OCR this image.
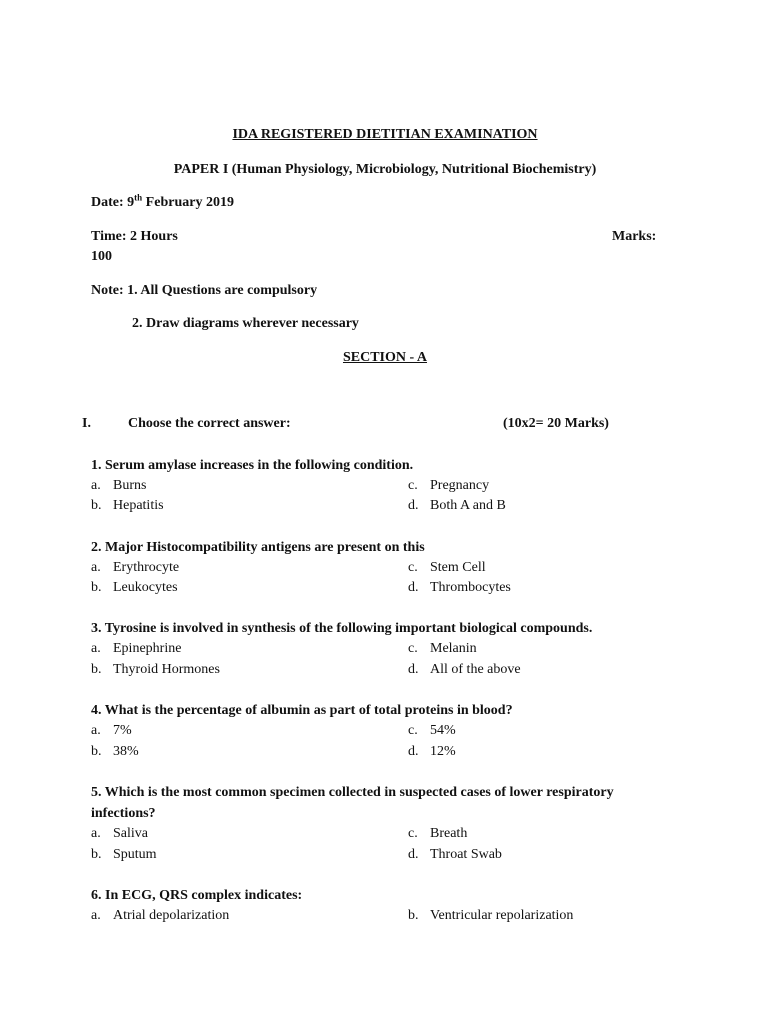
IDA REGISTERED DIETITIAN EXAMINATION
PAPER I (Human Physiology, Microbiology, Nutritional Biochemistry)
Date: 9th February 2019
Time: 2 Hours	Marks:
100
Note: 1. All Questions are compulsory
2. Draw diagrams wherever necessary
SECTION - A
I.	Choose the correct answer:	(10x2= 20 Marks)
1. Serum amylase increases in the following condition.
a. Burns
b. Hepatitis
c. Pregnancy
d. Both A and B
2. Major Histocompatibility antigens are present on this
a. Erythrocyte
b. Leukocytes
c. Stem Cell
d. Thrombocytes
3. Tyrosine is involved in synthesis of the following important biological compounds.
a. Epinephrine
b. Thyroid Hormones
c. Melanin
d. All of the above
4. What is the percentage of albumin as part of total proteins in blood?
a. 7%
b. 38%
c. 54%
d. 12%
5. Which is the most common specimen collected in suspected cases of lower respiratory
infections?
a. Saliva
b. Sputum
c. Breath
d. Throat Swab
6. In ECG, QRS complex indicates:
a. Atrial depolarization	b. Ventricular repolarization
